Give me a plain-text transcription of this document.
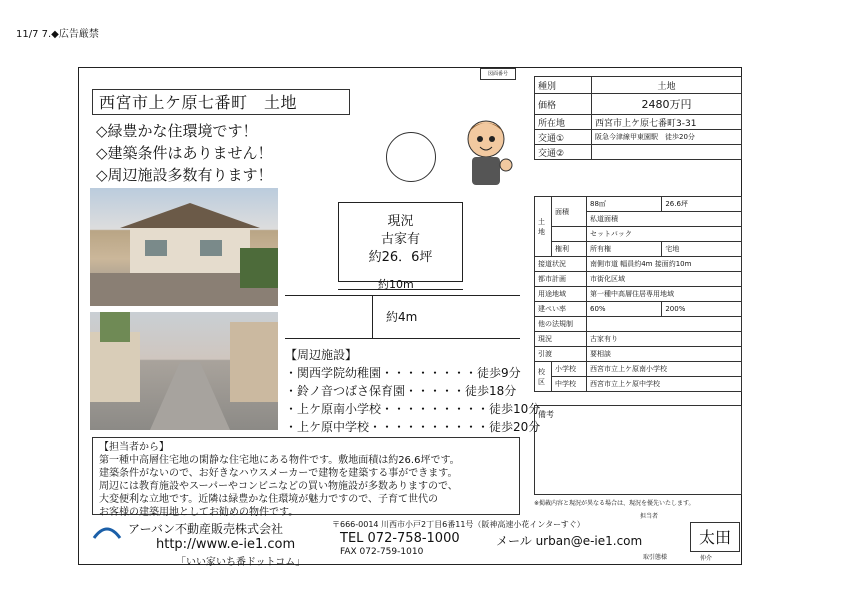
11/7 7.◆広告厳禁
図面番号
西宮市上ケ原七番町　土地
◇緑豊かな住環境です！
◇建築条件はありません！
◇周辺施設多数有ります！
現況
古家有
約26．6坪
約10m
約4m
【周辺施設】
・関西学院幼稚園・・・・・・・・徒歩9分
・鈴ノ音つばさ保育園・・・・・徒歩18分
・上ケ原南小学校・・・・・・・・・徒歩10分
・上ケ原中学校・・・・・・・・・・徒歩20分
【担当者から】
第一種中高層住宅地の閑静な住宅地にある物件です。敷地面積は約26.6坪です。
建築条件がないので、お好きなハウスメーカーで建物を建築する事ができます。
周辺には教育施設やスーパーやコンビニなどの買い物施設が多数ありますので、
大変便利な立地です。近隣は緑豊かな住環境が魅力ですので、子育て世代の
お客様の建築用地としてお勧めの物件です。
アーバン不動産販売株式会社
http://www.e-ie1.com
「いい家いち番ドットコム」
〒666-0014 川西市小戸2丁目6番11号（阪神高速小花インターすぐ）
TEL 072-758-1000
FAX 072-759-1010
メール urban@e-ie1.com
種別	土地
価格	2480万円
所在地	西宮市上ケ原七番町3-31
交通①	阪急今津線甲東園駅　徒歩20分
交通②	
土地	面積	88㎡	26.6坪
		私道面積	
		セットバック	
	権利	所有権	宅地
接道状況		南側市道 幅員約4m 接面約10m	
都市計画		市街化区域	
用途地域		第一種中高層住居専用地域	
建ぺい率		60%	200%
他の法規制			
現況		古家有り	
引渡		要相談	
校区	小学校	西宮市立上ケ原南小学校	
	中学校	西宮市立上ケ原中学校	
備考
※掲載内容と現況が異なる場合は、現況を優先いたします。
担当者
太田
取引態様	仲介
